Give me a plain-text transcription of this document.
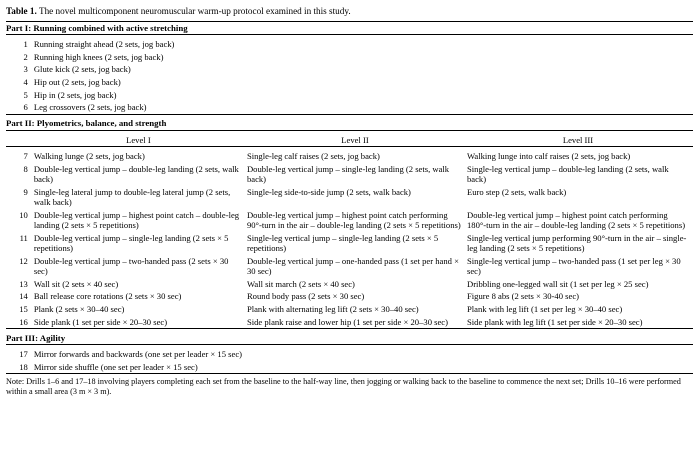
Table 1. The novel multicomponent neuromuscular warm-up protocol examined in this study.
Part I: Running combined with active stretching			

1	Running straight ahead (2 sets, jog back)		
2	Running high knees (2 sets, jog back)		
3	Glute kick (2 sets, jog back)		
4	Hip out (2 sets, jog back)		
5	Hip in (2 sets, jog back)		
6	Leg crossovers (2 sets, jog back)		

Part II: Plyometrics, balance, and strength			

	Level I	Level II	Level III

7	Walking lunge (2 sets, jog back)	Single-leg calf raises (2 sets, jog back)	Walking lunge into calf raises (2 sets, jog back)
8	Double-leg vertical jump – double-leg landing (2 sets, walk back)	Double-leg vertical jump – single-leg landing (2 sets, walk back)	Single-leg vertical jump – double-leg landing (2 sets, walk back)
9	Single-leg lateral jump to double-leg lateral jump (2 sets, walk back)	Single-leg side-to-side jump (2 sets, walk back)	Euro step (2 sets, walk back)
10	Double-leg vertical jump – highest point catch – double-leg landing (2 sets × 5 repetitions)	Double-leg vertical jump – highest point catch performing 90°-turn in the air – double-leg landing (2 sets × 5 repetitions)	Double-leg vertical jump – highest point catch performing 180°-turn in the air – double-leg landing (2 sets × 5 repetitions)
11	Double-leg vertical jump – single-leg landing (2 sets × 5 repetitions)	Single-leg vertical jump – single-leg landing (2 sets × 5 repetitions)	Single-leg vertical jump performing 90°-turn in the air – single-leg landing (2 sets × 5 repetitions)
12	Double-leg vertical jump – two-handed pass (2 sets × 30 sec)	Double-leg vertical jump – one-handed pass (1 set per hand × 30 sec)	Single-leg vertical jump – two-handed pass (1 set per leg × 30 sec)
13	Wall sit (2 sets × 40 sec)	Wall sit march (2 sets × 40 sec)	Dribbling one-legged wall sit (1 set per leg × 25 sec)
14	Ball release core rotations (2 sets × 30 sec)	Round body pass (2 sets × 30 sec)	Figure 8 abs (2 sets × 30-40 sec)
15	Plank (2 sets × 30–40 sec)	Plank with alternating leg lift (2 sets × 30–40 sec)	Plank with leg lift (1 set per leg × 30–40 sec)
16	Side plank (1 set per side × 20–30 sec)	Side plank raise and lower hip (1 set per side × 20–30 sec)	Side plank with leg lift (1 set per side × 20–30 sec)

Part III: Agility			

17	Mirror forwards and backwards (one set per leader × 15 sec)		
18	Mirror side shuffle (one set per leader × 15 sec)		
Note: Drills 1–6 and 17–18 involving players completing each set from the baseline to the half-way line, then jogging or walking back to the baseline to commence the next set; Drills 10–16 were performed within a small area (3 m × 3 m).
